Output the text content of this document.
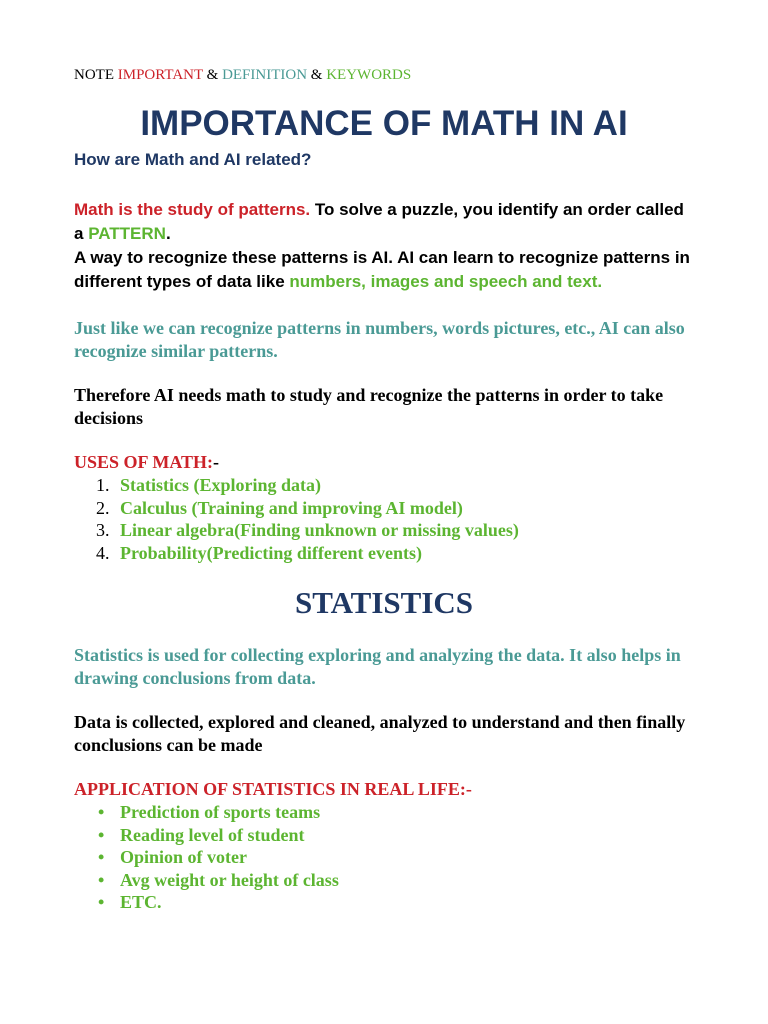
NOTE IMPORTANT & DEFINITION & KEYWORDS
IMPORTANCE OF MATH IN AI
How are Math and AI related?
Math is the study of patterns. To solve a puzzle, you identify an order called a PATTERN.
A way to recognize these patterns is AI. AI can learn to recognize patterns in different types of data like numbers, images and speech and text.
Just like we can recognize patterns in numbers, words pictures, etc., AI can also recognize similar patterns.
Therefore AI needs math to study and recognize the patterns in order to take decisions
USES OF MATH:-
1. Statistics (Exploring data)
2. Calculus (Training and improving AI model)
3. Linear algebra(Finding unknown or missing values)
4. Probability(Predicting different events)
STATISTICS
Statistics is used for collecting exploring and analyzing the data. It also helps in drawing conclusions from data.
Data is collected, explored and cleaned, analyzed to understand and then finally conclusions can be made
APPLICATION OF STATISTICS IN REAL LIFE:-
• Prediction of sports teams
• Reading level of student
• Opinion of voter
• Avg weight or height of class
• ETC.
